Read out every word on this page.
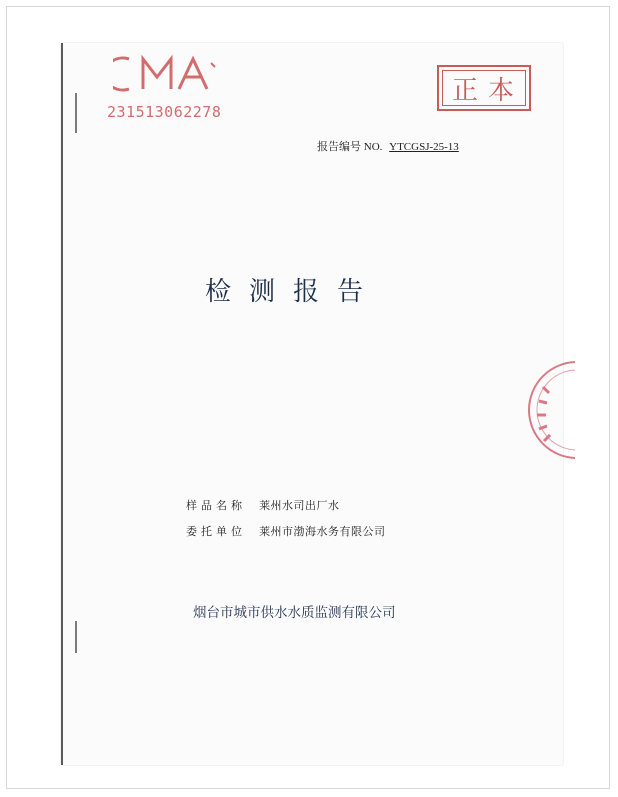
231513062278
正本
报告编号 NO. YTCGSJ-25-13
检测报告
样品名称 莱州水司出厂水
委托单位 莱州市渤海水务有限公司
烟台市城市供水水质监测有限公司
